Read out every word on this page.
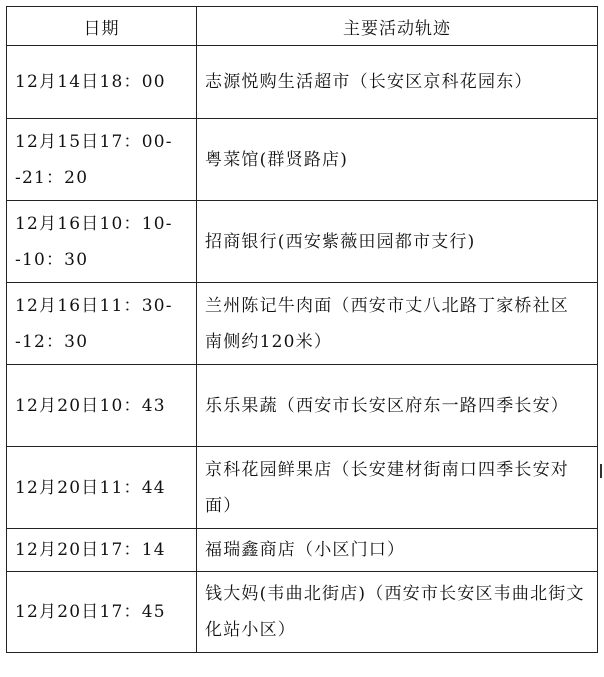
日期	主要活动轨迹
12月14日18：00	志源悦购生活超市（长安区京科花园东）
12月15日17：00--21：20	粤菜馆(群贤路店)
12月16日10：10--10：30	招商银行(西安紫薇田园都市支行)
12月16日11：30--12：30	兰州陈记牛肉面（西安市丈八北路丁家桥社区南侧约120米）
12月20日10：43	乐乐果蔬（西安市长安区府东一路四季长安）
12月20日11：44	京科花园鲜果店（长安建材街南口四季长安对面）
12月20日17：14	福瑞鑫商店（小区门口）
12月20日17：45	钱大妈(韦曲北街店)（西安市长安区韦曲北街文化站小区）
